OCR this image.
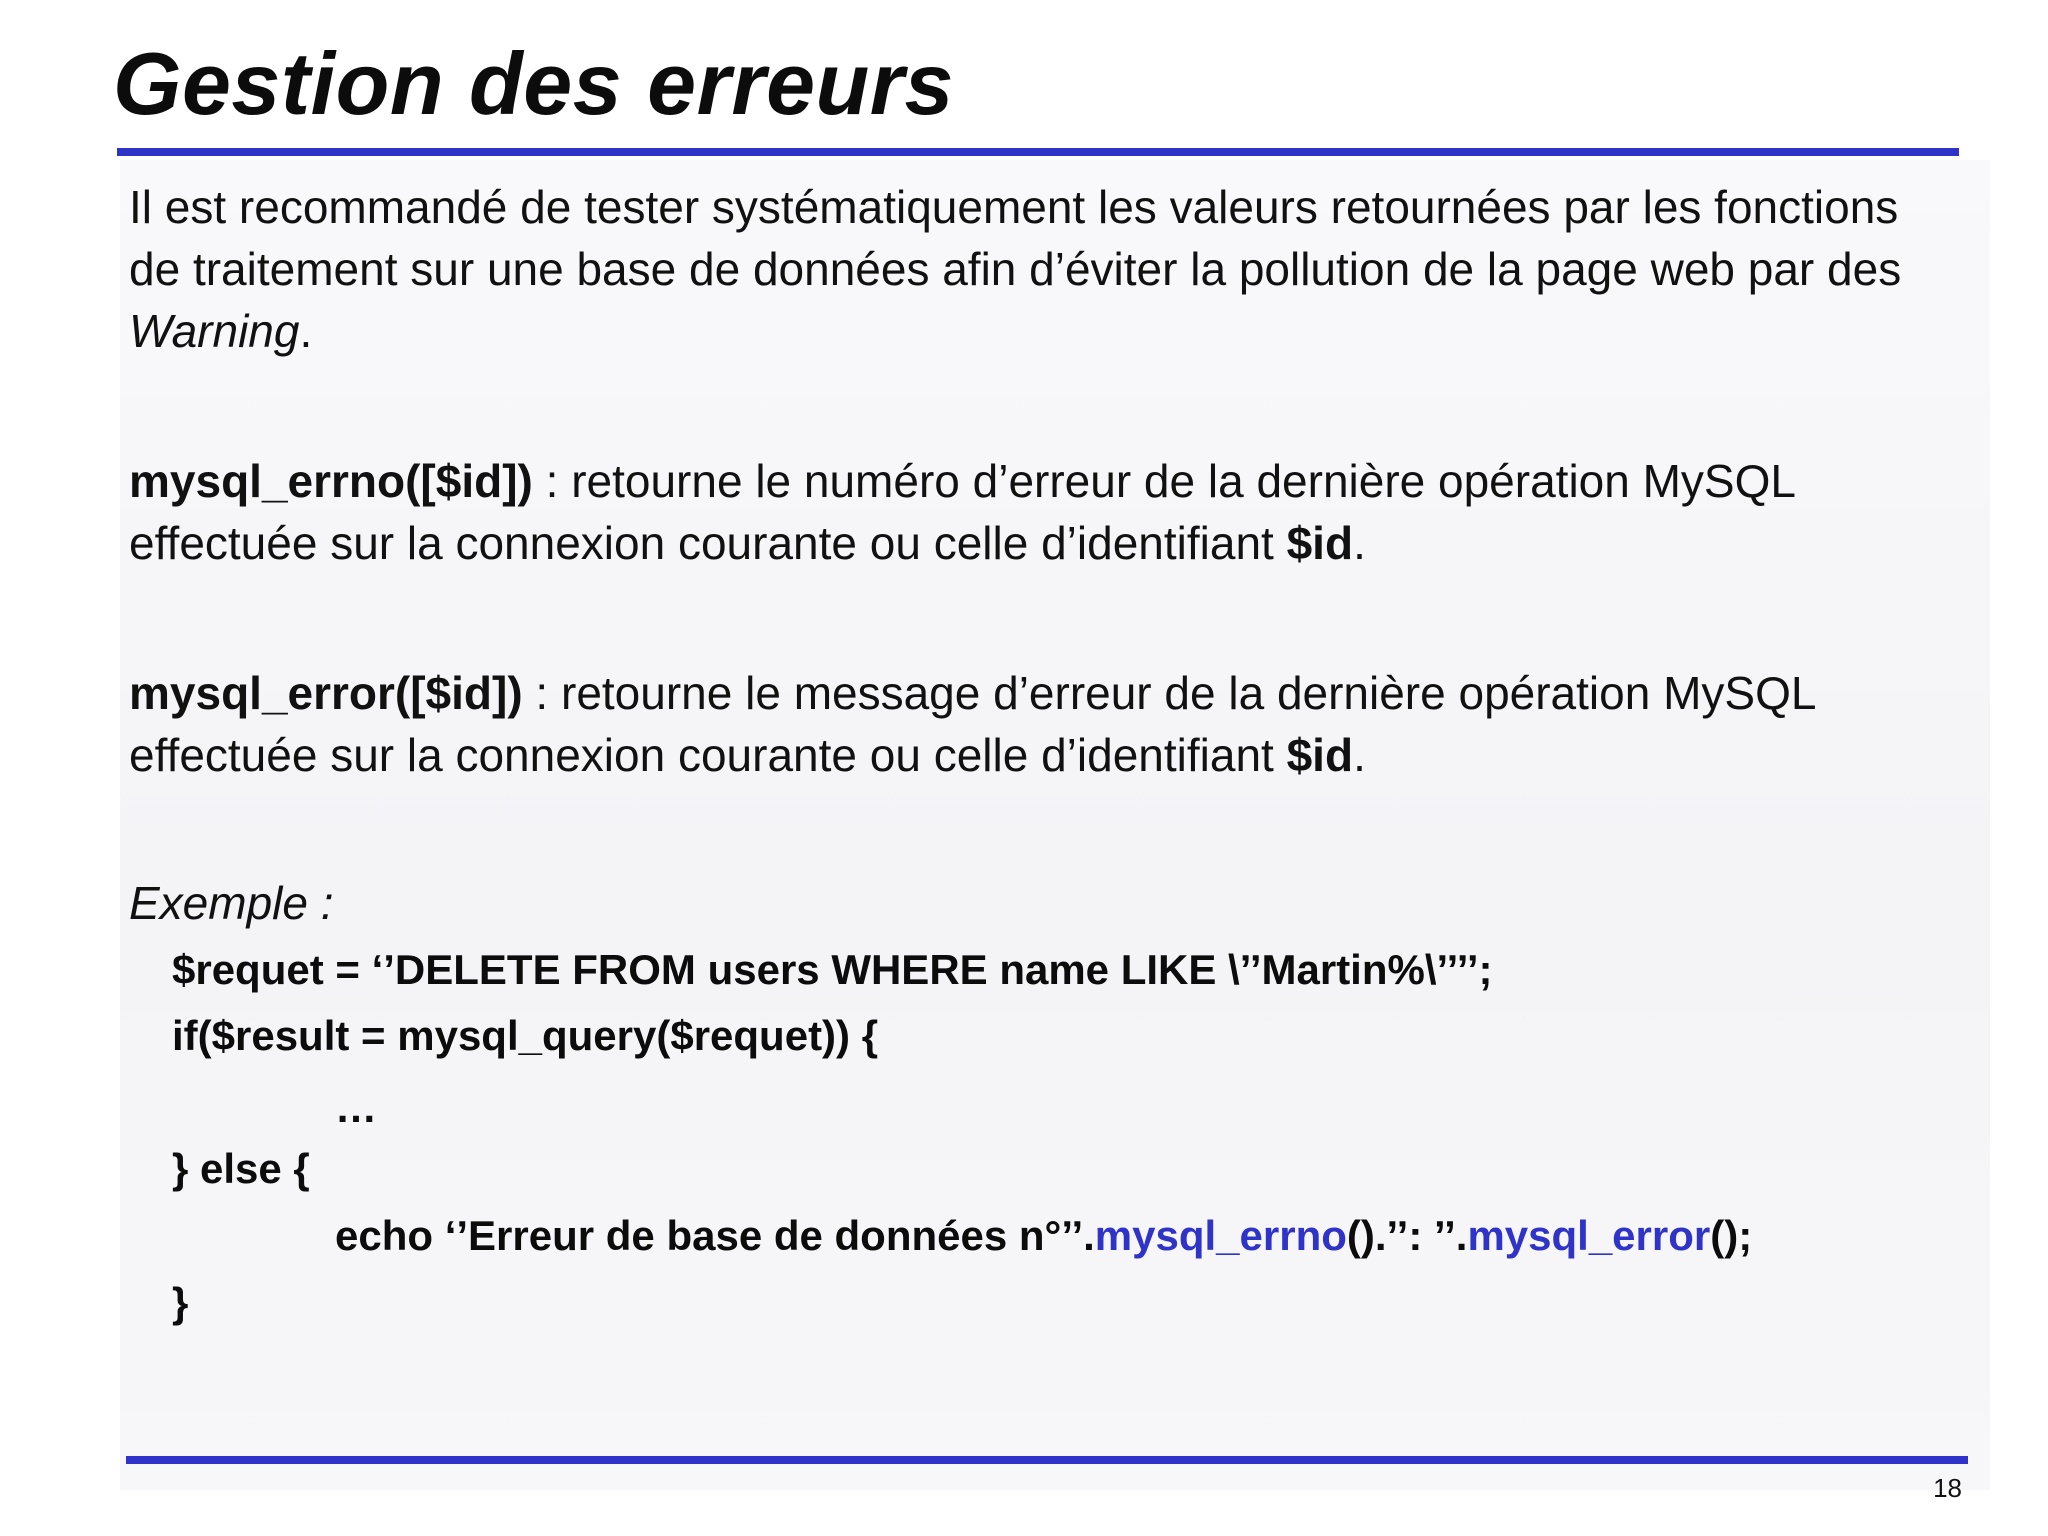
Gestion des erreurs

Il est recommandé de tester systématiquement les valeurs retournées par les fonctions de traitement sur une base de données afin d’éviter la pollution de la page web par des Warning.

mysql_errno([$id]) : retourne le numéro d’erreur de la dernière opération MySQL effectuée sur la connexion courante ou celle d’identifiant $id.

mysql_error([$id]) : retourne le message d’erreur de la dernière opération MySQL effectuée sur la connexion courante ou celle d’identifiant $id.

Exemple :

$requet = ‘’DELETE FROM users WHERE name LIKE \’’Martin%\’’’’;
if($result = mysql_query($requet)) {
…
} else {
echo ‘’Erreur de base de données n°’’.mysql_errno().’’: ’’.mysql_error();
}
18
